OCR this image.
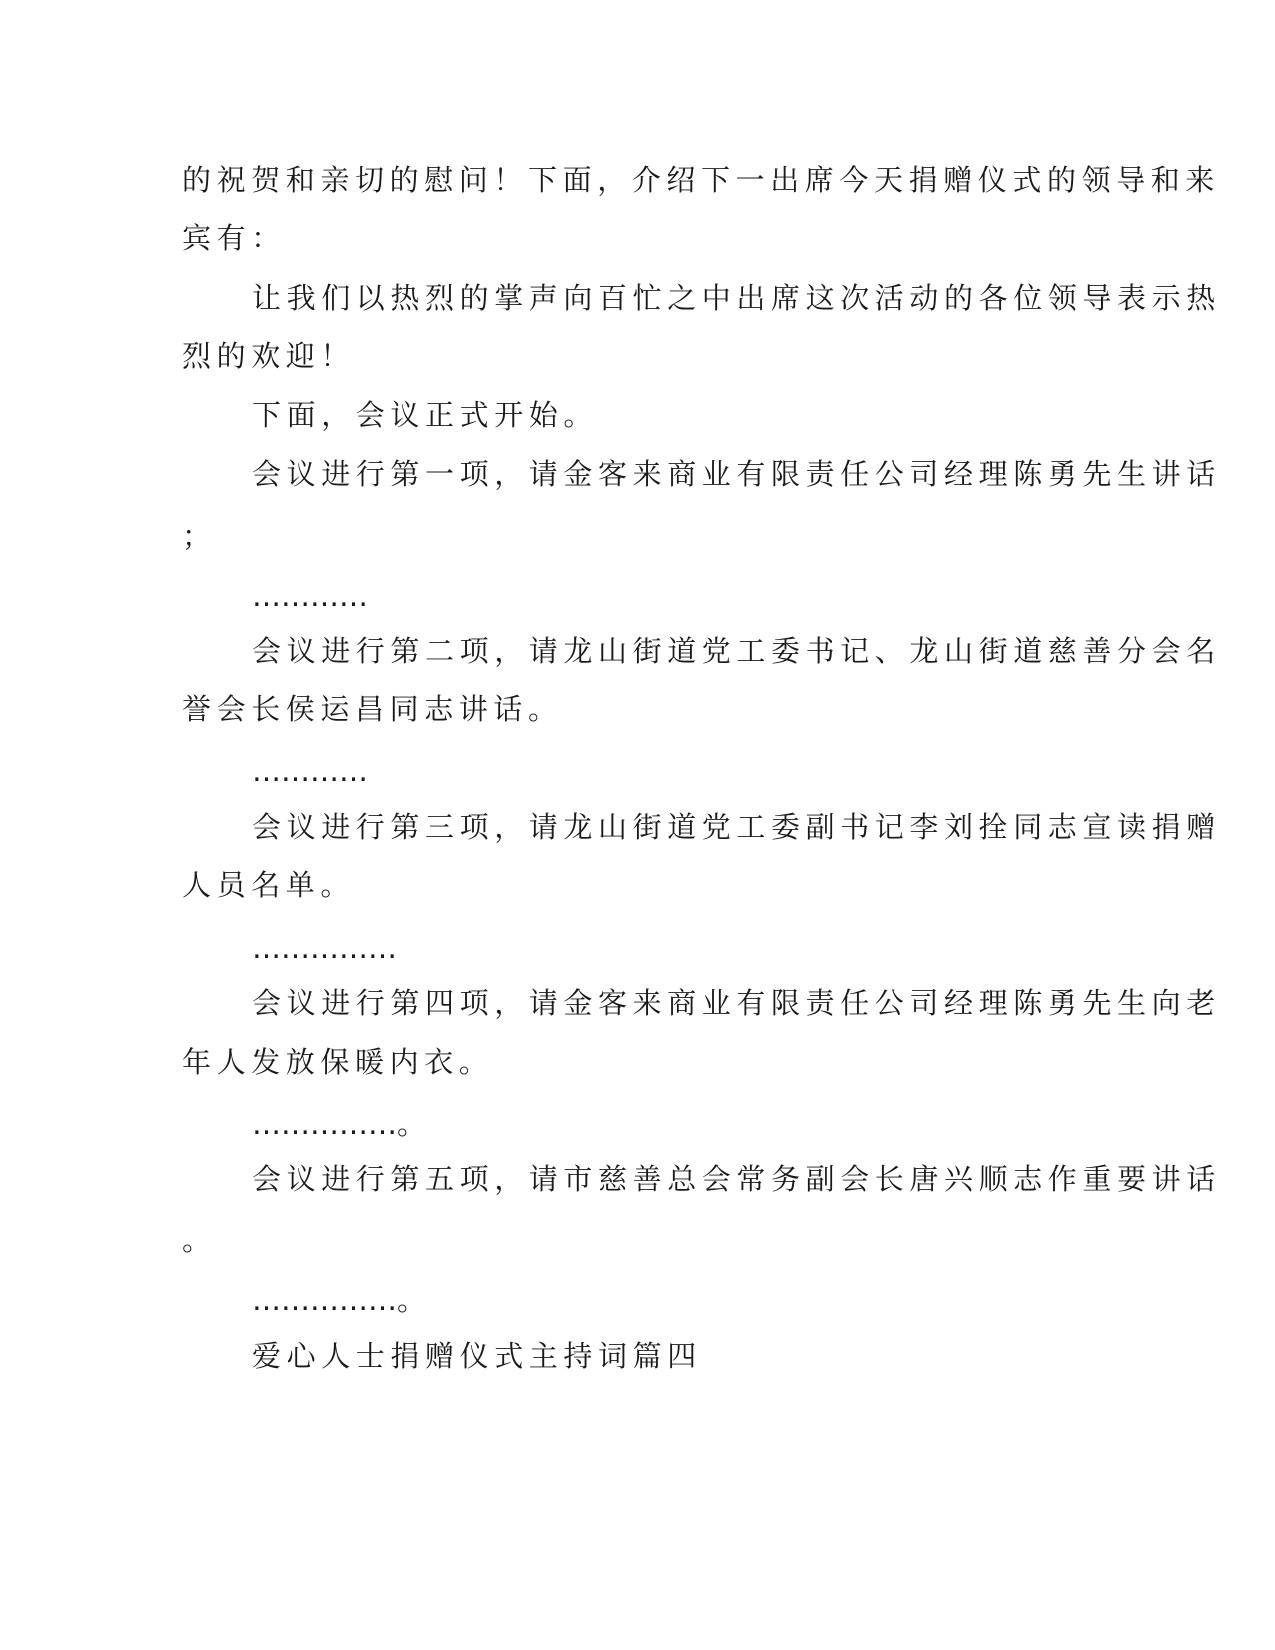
的祝贺和亲切的慰问！下面，介绍下一出席今天捐赠仪式的领导和来
宾有：
让我们以热烈的掌声向百忙之中出席这次活动的各位领导表示热
烈的欢迎！
下面，会议正式开始。
会议进行第一项，请金客来商业有限责任公司经理陈勇先生讲话
；
…………
会议进行第二项，请龙山街道党工委书记、龙山街道慈善分会名
誉会长侯运昌同志讲话。
…………
会议进行第三项，请龙山街道党工委副书记李刘拴同志宣读捐赠
人员名单。
……………
会议进行第四项，请金客来商业有限责任公司经理陈勇先生向老
年人发放保暖内衣。
……………。
会议进行第五项，请市慈善总会常务副会长唐兴顺志作重要讲话
。
……………。
爱心人士捐赠仪式主持词篇四
